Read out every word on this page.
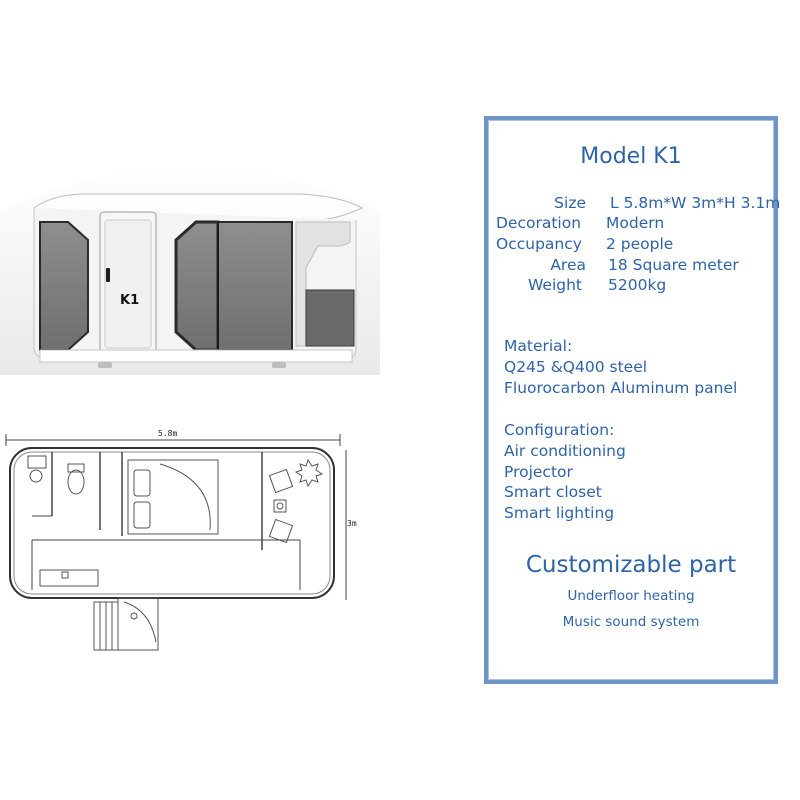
K1
5.8m
3m
Model K1
Size L 5.8m*W 3m*H 3.1m
Decoration	Modern
Occupancy	2 people
Area 18 Square meter
Weight 5200kg
Material:
Q245 &Q400 steel
Fluorocarbon Aluminum panel
Configuration:
Air conditioning
Projector
Smart closet
Smart lighting
Customizable part
Underfloor heating
Music sound system
